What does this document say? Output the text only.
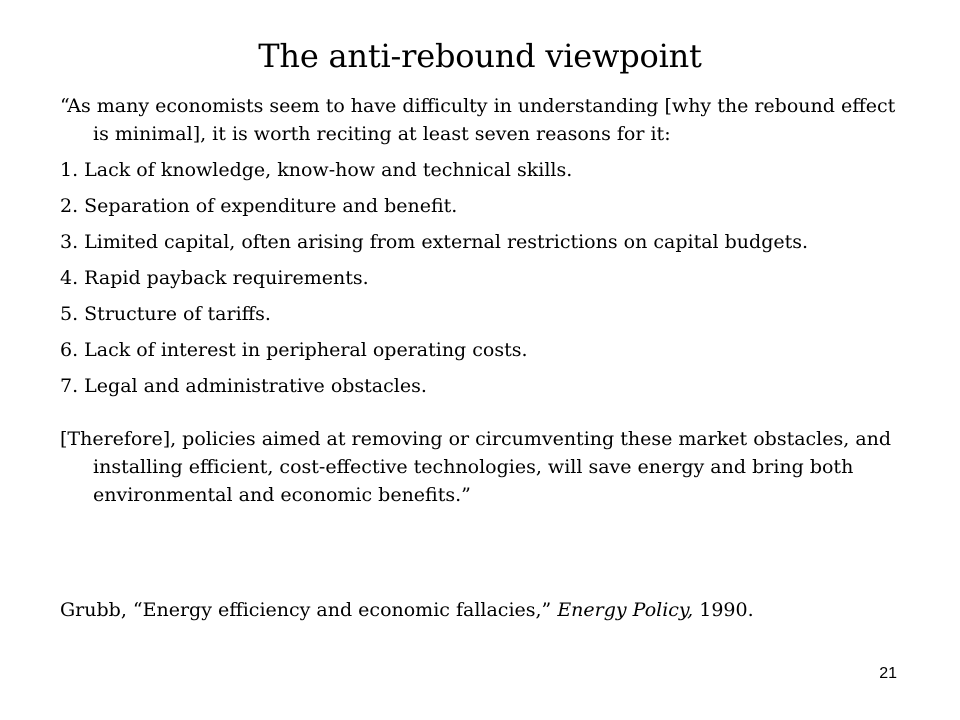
The anti-rebound viewpoint

“As many economists seem to have difficulty in understanding [why the rebound effect is minimal], it is worth reciting at least seven reasons for it:

1. Lack of knowledge, know-how and technical skills.
2. Separation of expenditure and benefit.
3. Limited capital, often arising from external restrictions on capital budgets.
4. Rapid payback requirements.
5. Structure of tariffs.
6. Lack of interest in peripheral operating costs.
7. Legal and administrative obstacles.

[Therefore], policies aimed at removing or circumventing these market obstacles, and installing efficient, cost-effective technologies, will save energy and bring both environmental and economic benefits.”

Grubb, “Energy efficiency and economic fallacies,” Energy Policy, 1990.
21
